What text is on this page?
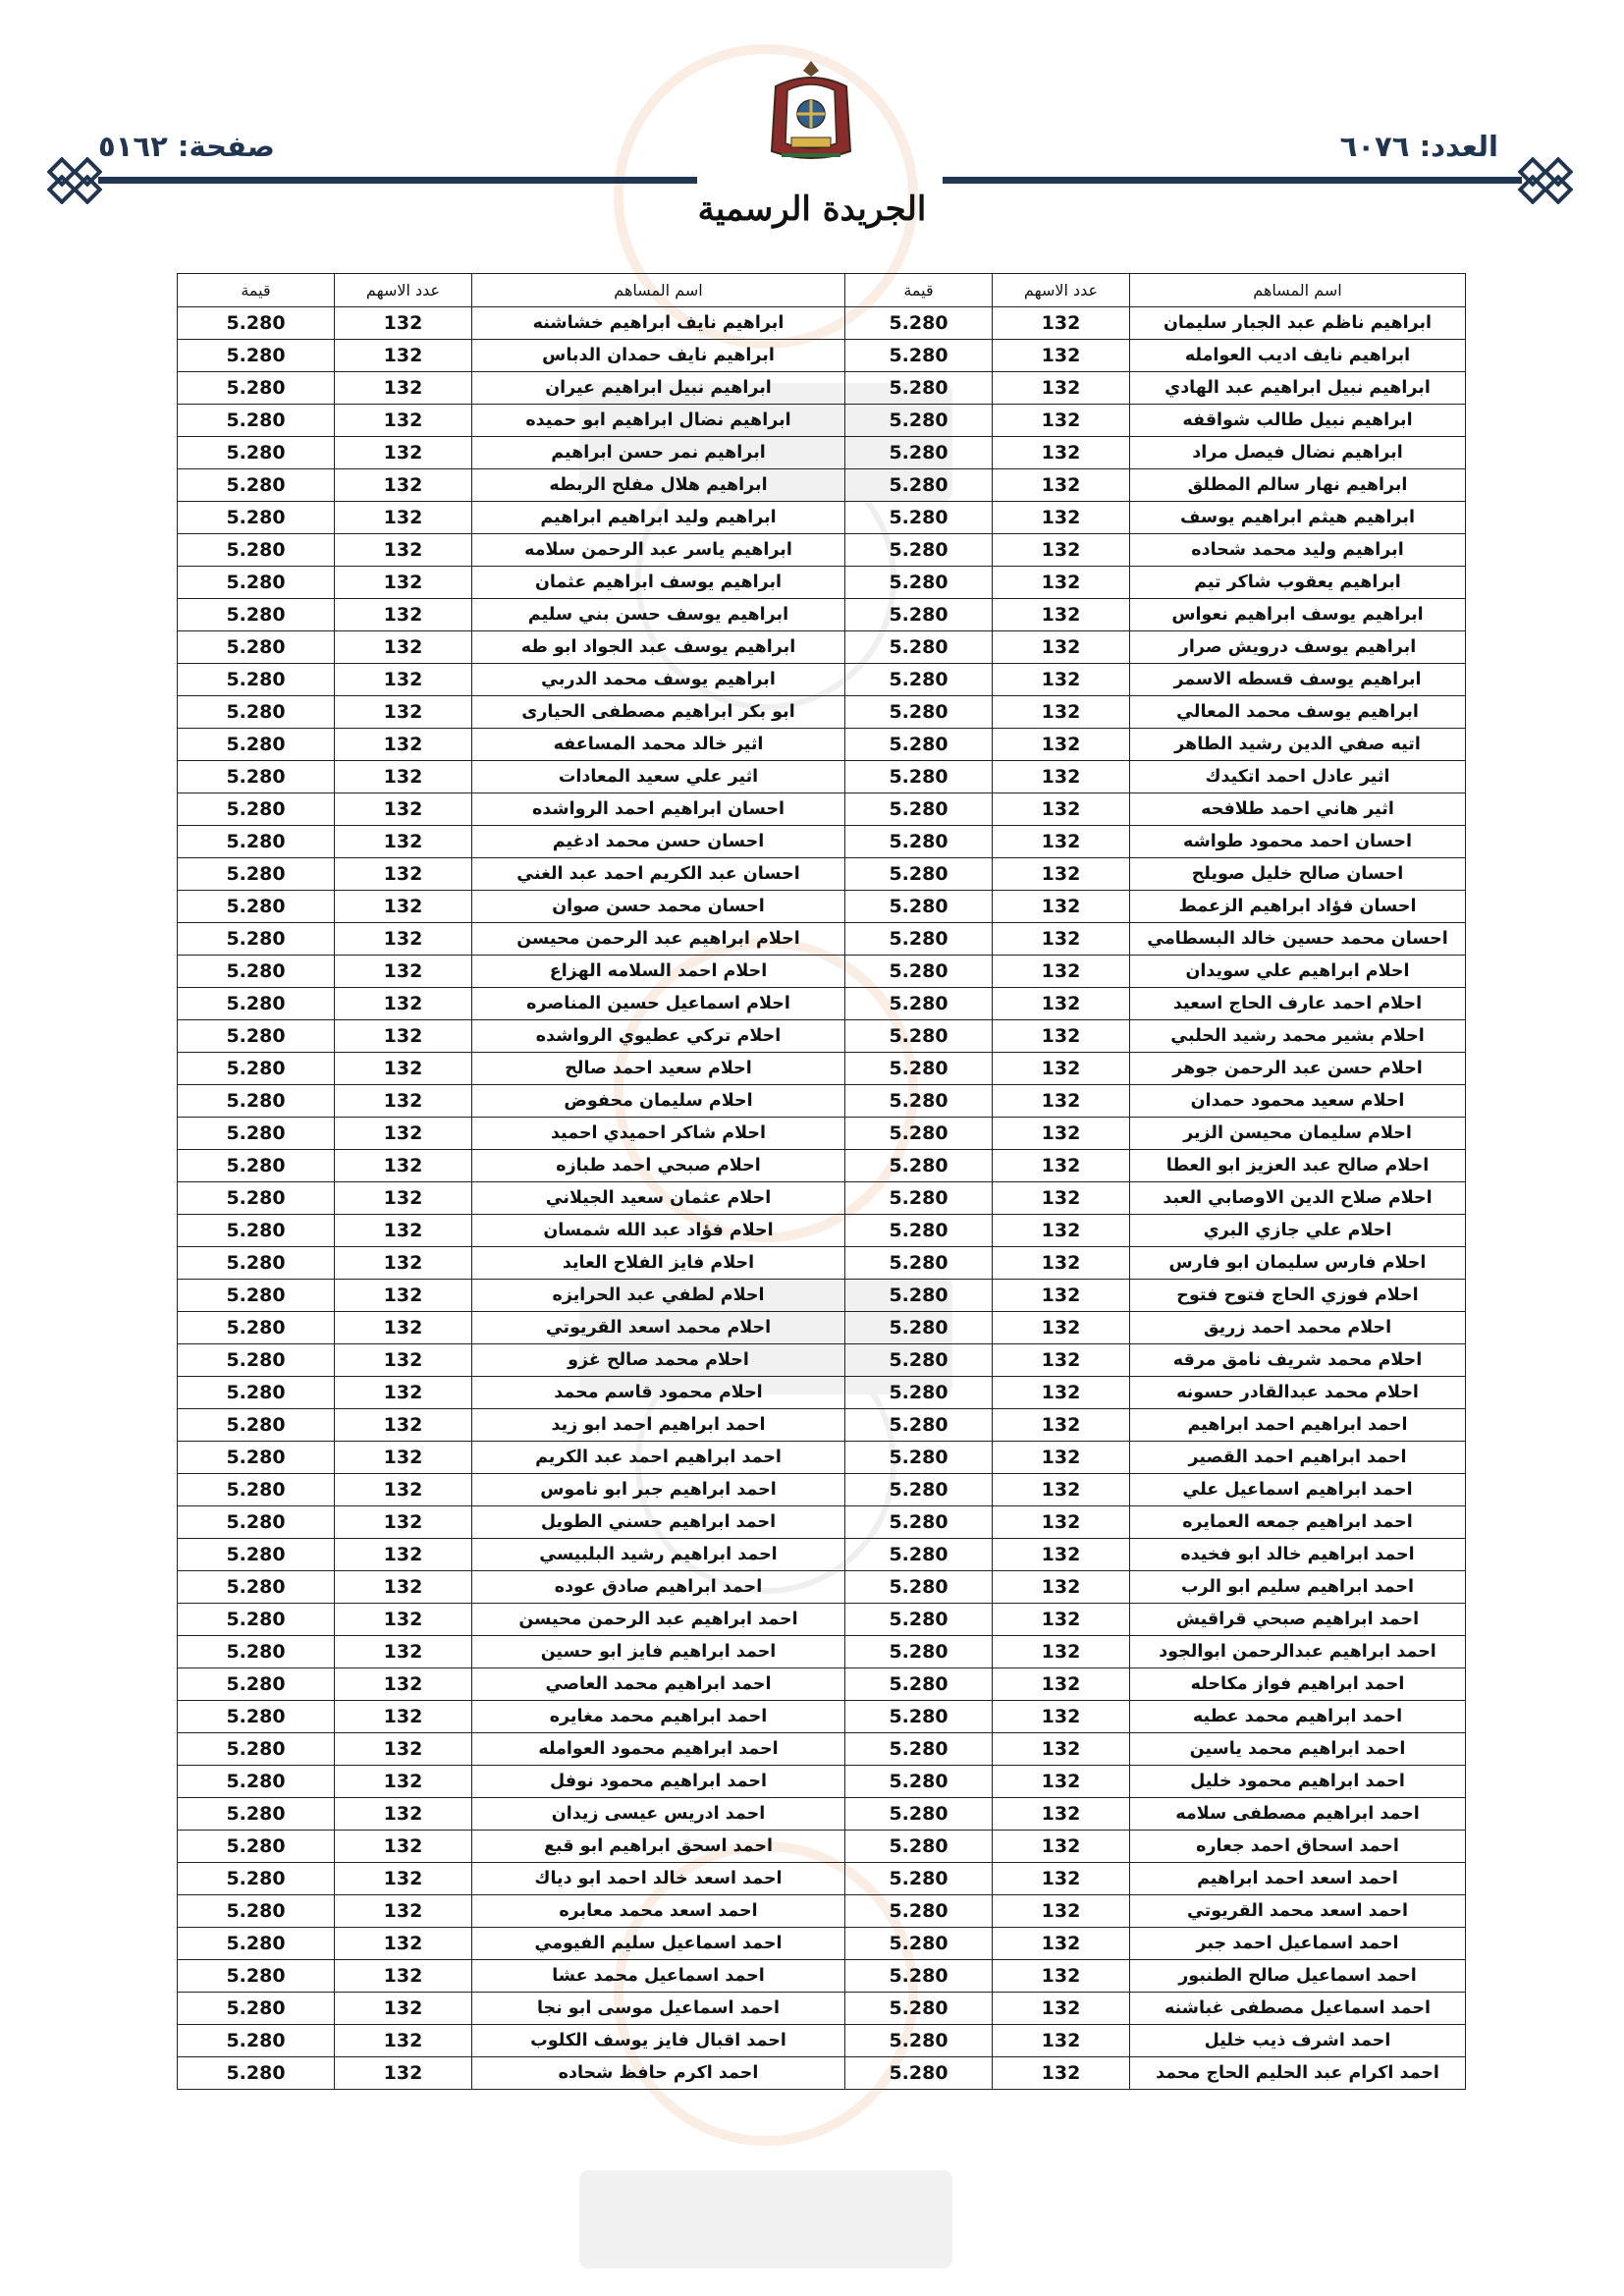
العدد: ٦٠٧٦
صفحة: ٥١٦٢
الجريدة الرسمية
اسم المساهم	عدد الاسهم	قيمة	اسم المساهم	عدد الاسهم	قيمة
ابراهيم ناظم عبد الجبار سليمان	132	5.280	ابراهيم نايف ابراهيم خشاشنه	132	5.280
ابراهيم نايف اديب العوامله	132	5.280	ابراهيم نايف حمدان الدباس	132	5.280
ابراهيم نبيل ابراهيم عبد الهادي	132	5.280	ابراهيم نبيل ابراهيم عيران	132	5.280
ابراهيم نبيل طالب شواقفه	132	5.280	ابراهيم نضال ابراهيم ابو حميده	132	5.280
ابراهيم نضال فيصل مراد	132	5.280	ابراهيم نمر حسن ابراهيم	132	5.280
ابراهيم نهار سالم المطلق	132	5.280	ابراهيم هلال مفلح الربطه	132	5.280
ابراهيم هيثم ابراهيم يوسف	132	5.280	ابراهيم وليد ابراهيم ابراهيم	132	5.280
ابراهيم وليد محمد شحاده	132	5.280	ابراهيم ياسر عبد الرحمن سلامه	132	5.280
ابراهيم يعقوب شاكر تيم	132	5.280	ابراهيم يوسف ابراهيم عثمان	132	5.280
ابراهيم يوسف ابراهيم نعواس	132	5.280	ابراهيم يوسف حسن بني سليم	132	5.280
ابراهيم يوسف درويش صرار	132	5.280	ابراهيم يوسف عبد الجواد ابو طه	132	5.280
ابراهيم يوسف قسطه الاسمر	132	5.280	ابراهيم يوسف محمد الدربي	132	5.280
ابراهيم يوسف محمد المعالي	132	5.280	ابو بكر ابراهيم مصطفى الحيارى	132	5.280
اتيه صفي الدين رشيد الطاهر	132	5.280	اثير خالد محمد المساعفه	132	5.280
اثير عادل احمد اتكيدك	132	5.280	اثير علي سعيد المعادات	132	5.280
اثير هاني احمد طلافحه	132	5.280	احسان ابراهيم احمد الرواشده	132	5.280
احسان احمد محمود طواشه	132	5.280	احسان حسن محمد ادغيم	132	5.280
احسان صالح خليل صويلح	132	5.280	احسان عبد الكريم احمد عبد الغني	132	5.280
احسان فؤاد ابراهيم الزعمط	132	5.280	احسان محمد حسن صوان	132	5.280
احسان محمد حسين خالد البسطامي	132	5.280	احلام ابراهيم عبد الرحمن محيسن	132	5.280
احلام ابراهيم علي سويدان	132	5.280	احلام احمد السلامه الهزاع	132	5.280
احلام احمد عارف الحاج اسعيد	132	5.280	احلام اسماعيل حسين المناصره	132	5.280
احلام بشير محمد رشيد الحلبي	132	5.280	احلام تركي عطيوي الرواشده	132	5.280
احلام حسن عبد الرحمن جوهر	132	5.280	احلام سعيد احمد صالح	132	5.280
احلام سعيد محمود حمدان	132	5.280	احلام سليمان محفوض	132	5.280
احلام سليمان محيسن الزير	132	5.280	احلام شاكر احميدي احميد	132	5.280
احلام صالح عبد العزيز ابو العطا	132	5.280	احلام صبحي احمد طبازه	132	5.280
احلام صلاح الدين الاوصابي العبد	132	5.280	احلام عثمان سعيد الجيلاني	132	5.280
احلام علي جازي البري	132	5.280	احلام فؤاد عبد الله شمسان	132	5.280
احلام فارس سليمان ابو فارس	132	5.280	احلام فايز الفلاح العايد	132	5.280
احلام فوزي الحاج فتوح فتوح	132	5.280	احلام لطفي عبد الحرايزه	132	5.280
احلام محمد احمد زريق	132	5.280	احلام محمد اسعد القريوتي	132	5.280
احلام محمد شريف نامق مرقه	132	5.280	احلام محمد صالح غزو	132	5.280
احلام محمد عبدالقادر حسونه	132	5.280	احلام محمود قاسم محمد	132	5.280
احمد ابراهيم احمد ابراهيم	132	5.280	احمد ابراهيم احمد ابو زيد	132	5.280
احمد ابراهيم احمد القصير	132	5.280	احمد ابراهيم احمد عبد الكريم	132	5.280
احمد ابراهيم اسماعيل علي	132	5.280	احمد ابراهيم جبر ابو ناموس	132	5.280
احمد ابراهيم جمعه العمايره	132	5.280	احمد ابراهيم حسني الطويل	132	5.280
احمد ابراهيم خالد ابو فخيده	132	5.280	احمد ابراهيم رشيد البلبيسي	132	5.280
احمد ابراهيم سليم ابو الرب	132	5.280	احمد ابراهيم صادق عوده	132	5.280
احمد ابراهيم صبحي قراقيش	132	5.280	احمد ابراهيم عبد الرحمن محيسن	132	5.280
احمد ابراهيم عبدالرحمن ابوالجود	132	5.280	احمد ابراهيم فايز ابو حسين	132	5.280
احمد ابراهيم فواز مكاحله	132	5.280	احمد ابراهيم محمد العاصي	132	5.280
احمد ابراهيم محمد عطيه	132	5.280	احمد ابراهيم محمد مغايره	132	5.280
احمد ابراهيم محمد ياسين	132	5.280	احمد ابراهيم محمود العوامله	132	5.280
احمد ابراهيم محمود خليل	132	5.280	احمد ابراهيم محمود نوفل	132	5.280
احمد ابراهيم مصطفى سلامه	132	5.280	احمد ادريس عيسى زيدان	132	5.280
احمد اسحاق احمد جعاره	132	5.280	احمد اسحق ابراهيم ابو قبع	132	5.280
احمد اسعد احمد ابراهيم	132	5.280	احمد اسعد خالد احمد ابو دياك	132	5.280
احمد اسعد محمد القريوتي	132	5.280	احمد اسعد محمد معابره	132	5.280
احمد اسماعيل احمد جبر	132	5.280	احمد اسماعيل سليم الفيومي	132	5.280
احمد اسماعيل صالح الطنبور	132	5.280	احمد اسماعيل محمد عشا	132	5.280
احمد اسماعيل مصطفى غباشنه	132	5.280	احمد اسماعيل موسى ابو نجا	132	5.280
احمد اشرف ذيب خليل	132	5.280	احمد اقبال فايز يوسف الكلوب	132	5.280
احمد اكرام عبد الحليم الحاج محمد	132	5.280	احمد اكرم حافظ شحاده	132	5.280
